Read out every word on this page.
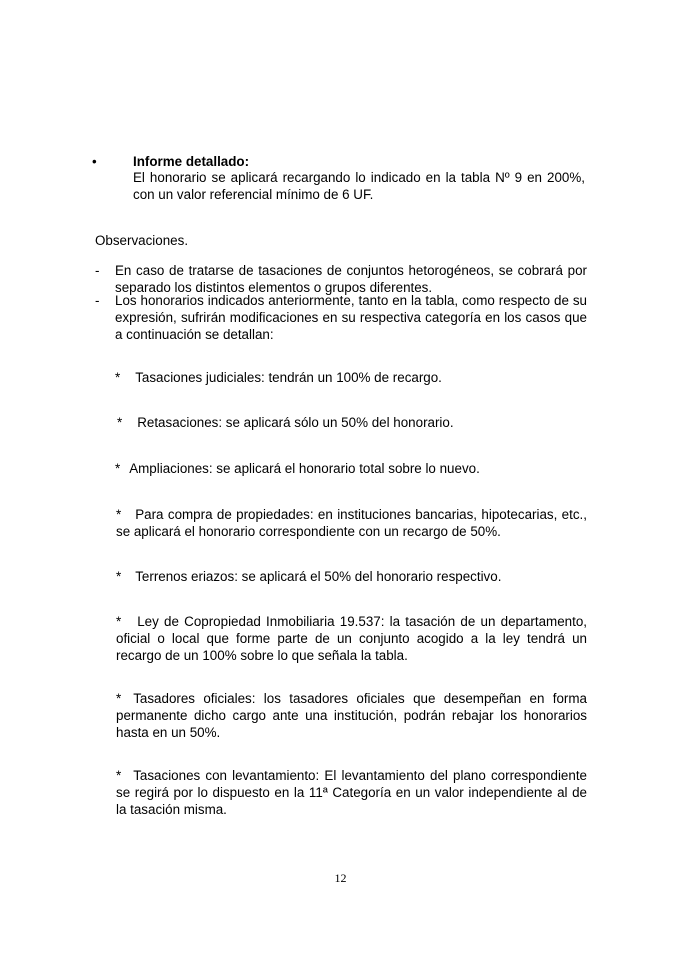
•	Informe detallado:
El honorario se aplicará recargando lo indicado en la tabla Nº 9 en 200%, con un valor referencial mínimo de 6 UF.
Observaciones.
- En caso de tratarse de tasaciones de conjuntos hetorogéneos, se cobrará por separado los distintos elementos o grupos diferentes.
- Los honorarios indicados anteriormente, tanto en la tabla, como respecto de su expresión, sufrirán modificaciones en su respectiva categoría en los casos que a continuación se detallan:
* Tasaciones judiciales: tendrán un 100% de recargo.
* Retasaciones: se aplicará sólo un 50% del honorario.
* Ampliaciones: se aplicará el honorario total sobre lo nuevo.
* Para compra de propiedades: en instituciones bancarias, hipotecarias, etc., se aplicará el honorario correspondiente con un recargo de 50%.
* Terrenos eriazos: se aplicará el 50% del honorario respectivo.
* Ley de Copropiedad Inmobiliaria 19.537: la tasación de un departamento, oficial o local que forme parte de un conjunto acogido a la ley tendrá un recargo de un 100% sobre lo que señala la tabla.
* Tasadores oficiales: los tasadores oficiales que desempeñan en forma permanente dicho cargo ante una institución, podrán rebajar los honorarios hasta en un 50%.
* Tasaciones con levantamiento: El levantamiento del plano correspondiente se regirá por lo dispuesto en la 11ª Categoría en un valor independiente al de la tasación misma.
12
